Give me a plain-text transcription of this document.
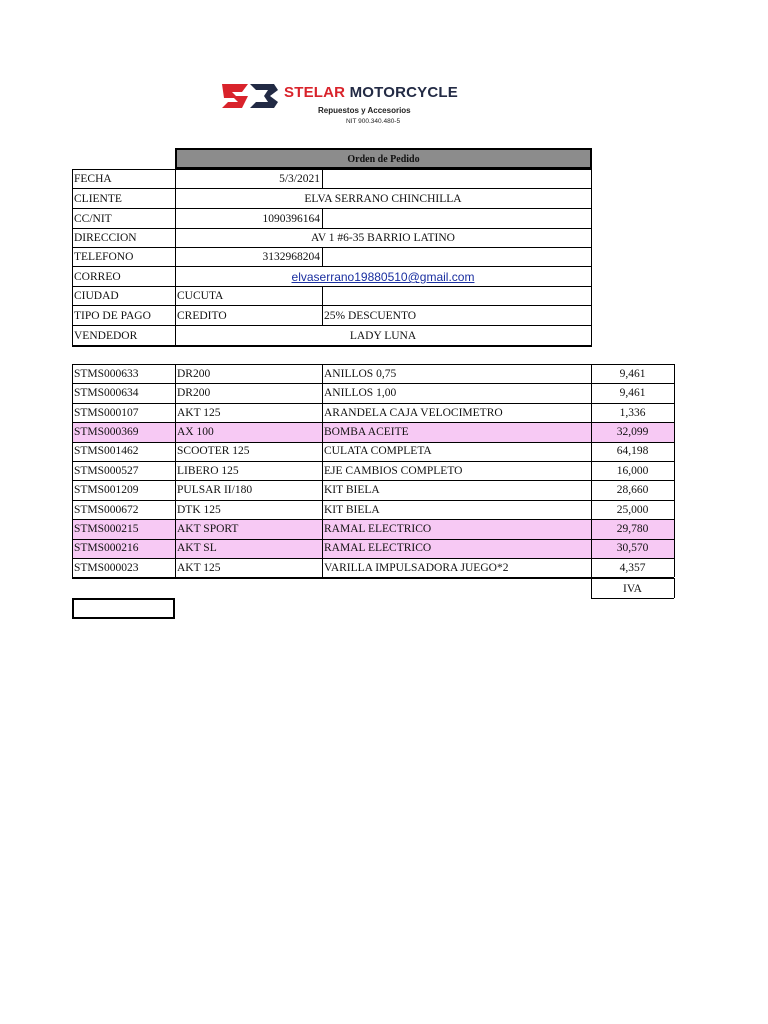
STELAR MOTORCYCLE
Repuestos y Accesorios
NIT 900.340.480-5
Orden de Pedido
FECHA	5/3/2021
CLIENTE	ELVA SERRANO CHINCHILLA
CC/NIT	1090396164
DIRECCION	AV 1 #6-35 BARRIO LATINO
TELEFONO	3132968204
CORREO	elvaserrano19880510@gmail.com
CIUDAD	CUCUTA
TIPO DE PAGO	CREDITO	25% DESCUENTO
VENDEDOR	LADY LUNA
STMS000633	DR200	ANILLOS 0,75	9,461
STMS000634	DR200	ANILLOS 1,00	9,461
STMS000107	AKT 125	ARANDELA CAJA VELOCIMETRO	1,336
STMS000369	AX 100	BOMBA ACEITE	32,099
STMS001462	SCOOTER 125	CULATA COMPLETA	64,198
STMS000527	LIBERO 125	EJE CAMBIOS COMPLETO	16,000
STMS001209	PULSAR II/180	KIT BIELA	28,660
STMS000672	DTK 125	KIT BIELA	25,000
STMS000215	AKT SPORT	RAMAL ELECTRICO	29,780
STMS000216	AKT SL	RAMAL ELECTRICO	30,570
STMS000023	AKT 125	VARILLA IMPULSADORA JUEGO*2	4,357
IVA
